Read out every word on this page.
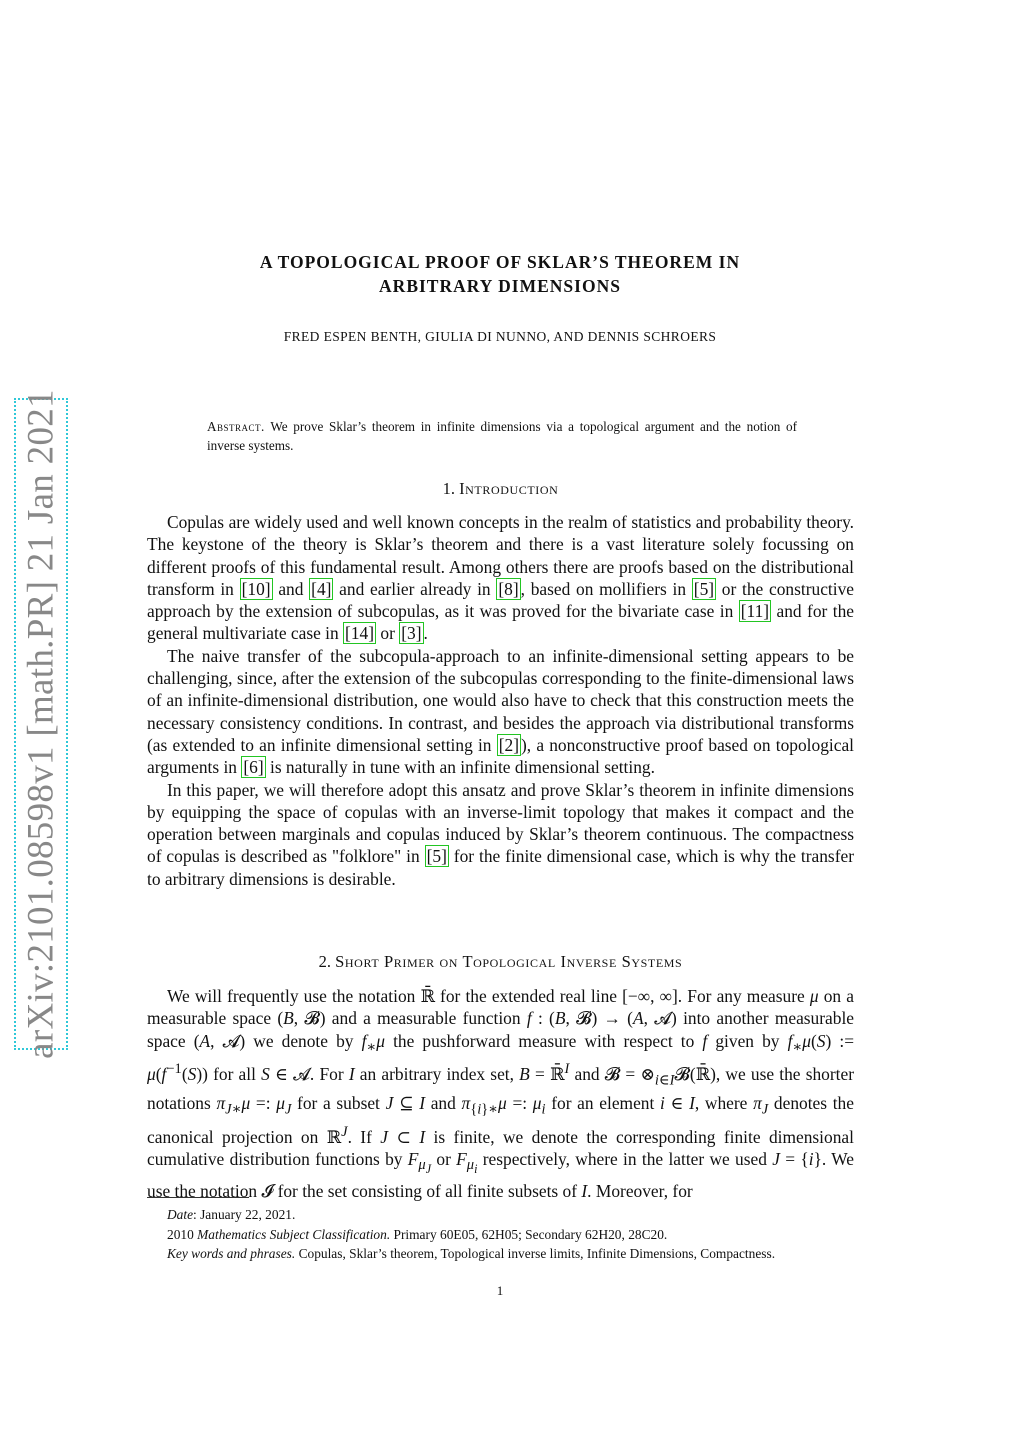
arXiv:2101.08598v1 [math.PR] 21 Jan 2021
A TOPOLOGICAL PROOF OF SKLAR’S THEOREM IN
ARBITRARY DIMENSIONS
FRED ESPEN BENTH, GIULIA DI NUNNO, AND DENNIS SCHROERS
Abstract. We prove Sklar’s theorem in infinite dimensions via a topological argument and the notion of inverse systems.
1. Introduction

Copulas are widely used and well known concepts in the realm of statistics and probability theory. The keystone of the theory is Sklar’s theorem and there is a vast literature solely focussing on different proofs of this fundamental result. Among others there are proofs based on the distributional transform in [10] and [4] and earlier already in [8] , based on mollifiers in [5] or the constructive approach by the extension of subcopulas, as it was proved for the bivariate case in [11] and for the general multivariate case in [14] or [3] .

The naive transfer of the subcopula-approach to an infinite-dimensional setting appears to be challenging, since, after the extension of the subcopulas corresponding to the finite-dimensional laws of an infinite-dimensional distribution, one would also have to check that this construction meets the necessary consistency conditions. In contrast, and besides the approach via distributional transforms (as extended to an infinite dimensional setting in [2] ), a nonconstructive proof based on topological arguments in [6] is naturally in tune with an infinite dimensional setting.

In this paper, we will therefore adopt this ansatz and prove Sklar’s theorem in infinite dimensions by equipping the space of copulas with an inverse-limit topology that makes it compact and the operation between marginals and copulas induced by Sklar’s theorem continuous. The compactness of copulas is described as "folklore" in [5] for the finite dimensional case, which is why the transfer to arbitrary dimensions is desirable.

2. Short Primer on Topological Inverse Systems

We will frequently use the notation ℝ̄ for the extended real line [−∞, ∞]. For any measure μ on a measurable space (B, 𝓑) and a measurable function f : (B, 𝓑) → (A, 𝓐) into another measurable space (A, 𝓐) we denote by $f_∗\mu$ the pushforward measure with respect to f given by $f_∗\mu(S)$ := $\mu(f^{-1}(S))$ for all S ∈ 𝓐. For I an arbitrary index set, B = ℝ̄$^I$ and 𝓑 = $\otimes_{i\in I}𝓑(ℝ̄)$, we use the shorter notations $\pi_{J∗}\mu$ =: $\mu_J$ for a subset J ⊆ I and $\pi_{\{i\}∗}\mu$ =: $\mu_i$ for an element i ∈ I, where $\pi_J$ denotes the canonical projection on ℝ$^J$. If J ⊂ I is finite, we denote the corresponding finite dimensional cumulative distribution functions by $F_{\mu_J}$ or $F_{\mu_i}$ respectively, where in the latter we used J = {i}. We use the notation 𝓘 for the set consisting of all finite subsets of I. Moreover, for

Date: January 22, 2021.
2010 Mathematics Subject Classification. Primary 60E05, 62H05; Secondary 62H20, 28C20.
Key words and phrases. Copulas, Sklar’s theorem, Topological inverse limits, Infinite Dimensions, Compactness.
1
